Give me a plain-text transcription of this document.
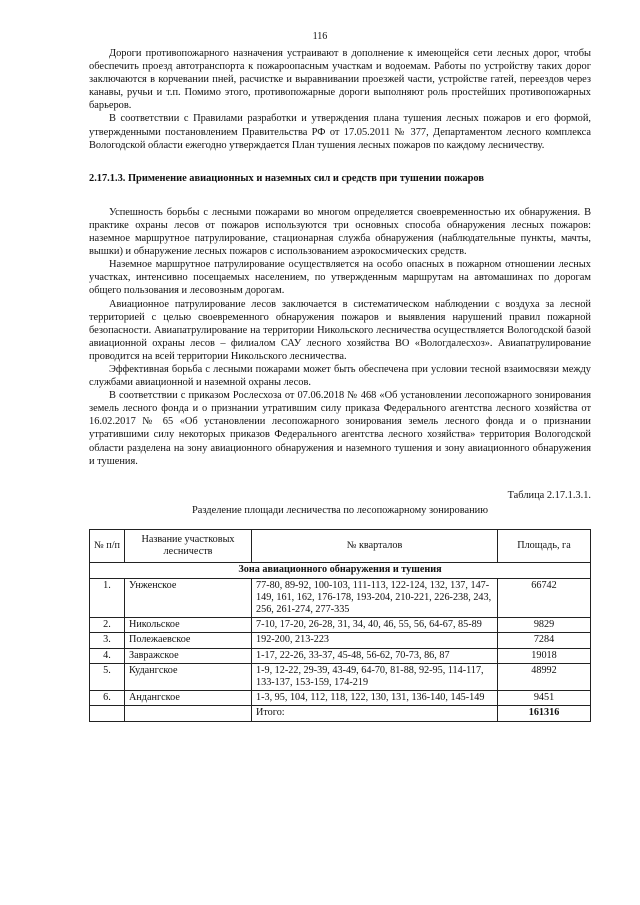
116

Дороги противопожарного назначения устраивают в дополнение к имеющейся сети лесных дорог, чтобы обеспечить проезд автотранспорта к пожароопасным участкам и водоемам. Работы по устройству таких дорог заключаются в корчевании пней, расчистке и выравнивании проезжей части, устройстве гатей, переездов через канавы, ручьи и т.п. Помимо этого, противопожарные дороги выполняют роль простейших противопожарных барьеров.

В соответствии с Правилами разработки и утверждения плана тушения лесных пожаров и его формой, утвержденными постановлением Правительства РФ от 17.05.2011 № 377, Департаментом лесного комплекса Вологодской области ежегодно утверждается План тушения лесных пожаров по каждому лесничеству.

2.17.1.3. Применение авиационных и наземных сил и средств при тушении пожаров

Успешность борьбы с лесными пожарами во многом определяется своевременностью их обнаружения. В практике охраны лесов от пожаров используются три основных способа обнаружения лесных пожаров: наземное маршрутное патрулирование, стационарная служба обнаружения (наблюдательные пункты, мачты, вышки) и обнаружение лесных пожаров с использованием аэрокосмических средств.

Наземное маршрутное патрулирование осуществляется на особо опасных в пожарном отношении лесных участках, интенсивно посещаемых населением, по утвержденным маршрутам на автомашинах по дорогам общего пользования и лесовозным дорогам.

Авиационное патрулирование лесов заключается в систематическом наблюдении с воздуха за лесной территорией с целью своевременного обнаружения пожаров и выявления нарушений правил пожарной безопасности. Авиапатрулирование на территории Никольского лесничества осуществляется Вологодской базой авиационной охраны лесов – филиалом САУ лесного хозяйства ВО «Вологдалесхоз». Авиапатрулирование проводится на всей территории Никольского лесничества.

Эффективная борьба с лесными пожарами может быть обеспечена при условии тесной взаимосвязи между службами авиационной и наземной охраны лесов.

В соответствии с приказом Рослесхоза от 07.06.2018 № 468 «Об установлении лесопожарного зонирования земель лесного фонда и о признании утратившим силу приказа Федерального агентства лесного хозяйства от 16.02.2017 № 65 «Об установлении лесопожарного зонирования земель лесного фонда и о признании утратившими силу некоторых приказов Федерального агентства лесного хозяйства» территория Вологодской области разделена на зону авиационного обнаружения и наземного тушения и зону авиационного обнаружения и тушения.

Таблица 2.17.1.3.1.
Разделение площади лесничества по лесопожарному зонированию
№ п/п	Название участковых лесничеств	№ кварталов	Площадь, га
Зона авиационного обнаружения и тушения			
1.	Унженское	77-80, 89-92, 100-103, 111-113, 122-124, 132, 137, 147-149, 161, 162, 176-178, 193-204, 210-221, 226-238, 243, 256, 261-274, 277-335	66742
2.	Никольское	7-10, 17-20, 26-28, 31, 34, 40, 46, 55, 56, 64-67, 85-89	9829
3.	Полежаевское	192-200, 213-223	7284
4.	Завражское	1-17, 22-26, 33-37, 45-48, 56-62, 70-73, 86, 87	19018
5.	Кудангское	1-9, 12-22, 29-39, 43-49, 64-70, 81-88, 92-95, 114-117, 133-137, 153-159, 174-219	48992
6.	Андангское	1-3, 95, 104, 112, 118, 122, 130, 131, 136-140, 145-149	9451
		Итого:	161316
